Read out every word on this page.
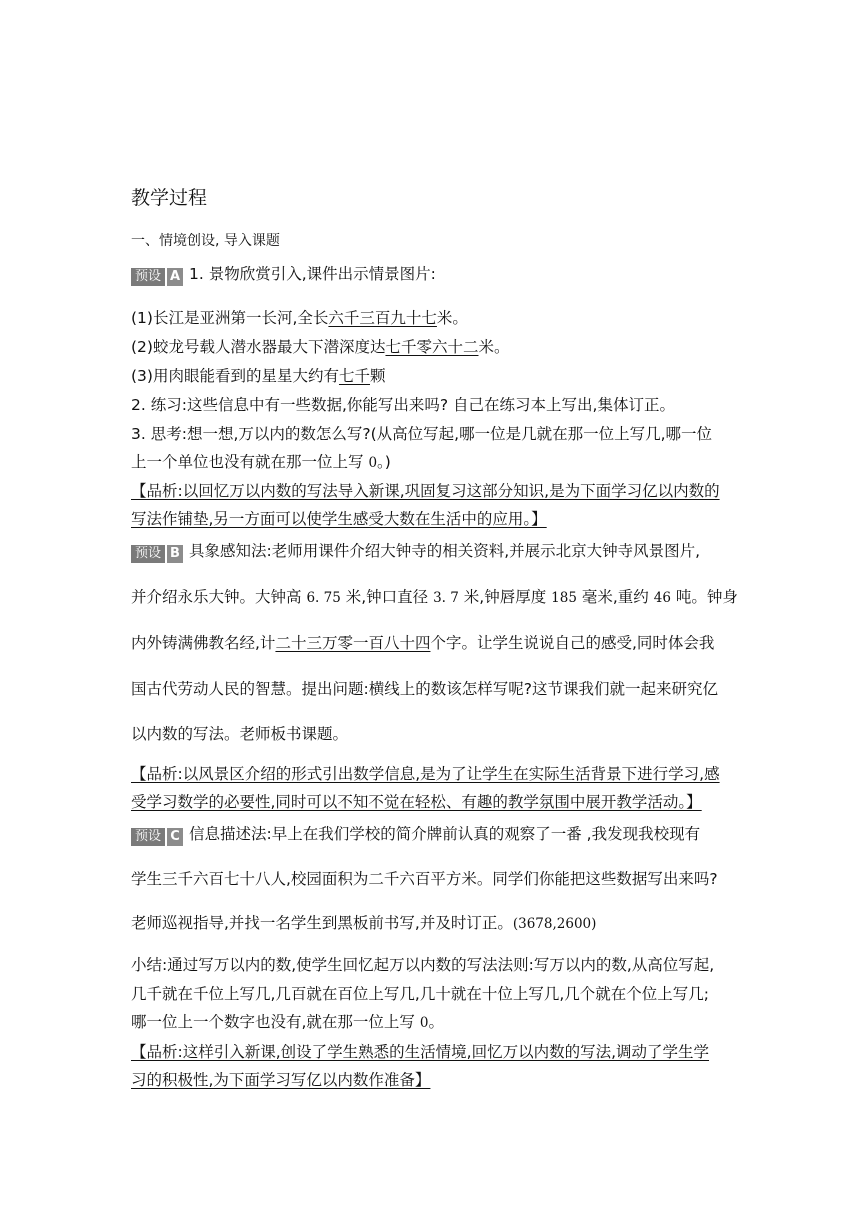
教学过程
一、情境创设, 导入课题
预设 A 1. 景物欣赏引入,课件出示情景图片:
(1)长江是亚洲第一长河,全长六千三百九十七米。
(2)蛟龙号载人潜水器最大下潜深度达七千零六十二米。
(3)用肉眼能看到的星星大约有七千颗
2. 练习:这些信息中有一些数据,你能写出来吗? 自己在练习本上写出,集体订正。
3. 思考:想一想,万以内的数怎么写?(从高位写起,哪一位是几就在那一位上写几,哪一位
上一个单位也没有就在那一位上写 0。)
【品析:以回忆万以内数的写法导入新课,巩固复习这部分知识,是为下面学习亿以内数的
写法作铺垫,另一方面可以使学生感受大数在生活中的应用。】
预设 B 具象感知法:老师用课件介绍大钟寺的相关资料,并展示北京大钟寺风景图片,
并介绍永乐大钟。大钟高 6. 75 米,钟口直径 3. 7 米,钟唇厚度 185 毫米,重约 46 吨。钟身
内外铸满佛教名经,计二十三万零一百八十四个字。让学生说说自己的感受,同时体会我
国古代劳动人民的智慧。提出问题:横线上的数该怎样写呢?这节课我们就一起来研究亿
以内数的写法。老师板书课题。
【品析:以风景区介绍的形式引出数学信息,是为了让学生在实际生活背景下进行学习,感
受学习数学的必要性,同时可以不知不觉在轻松、有趣的教学氛围中展开教学活动。】
预设 C 信息描述法:早上在我们学校的简介牌前认真的观察了一番 ,我发现我校现有
学生三千六百七十八人,校园面积为二千六百平方米。同学们你能把这些数据写出来吗?
老师巡视指导,并找一名学生到黑板前书写,并及时订正。(3678,2600)
小结:通过写万以内的数,使学生回忆起万以内数的写法法则:写万以内的数,从高位写起,
几千就在千位上写几,几百就在百位上写几,几十就在十位上写几,几个就在个位上写几;
哪一位上一个数字也没有,就在那一位上写 0。
【品析:这样引入新课,创设了学生熟悉的生活情境,回忆万以内数的写法,调动了学生学
习的积极性,为下面学习写亿以内数作准备】
